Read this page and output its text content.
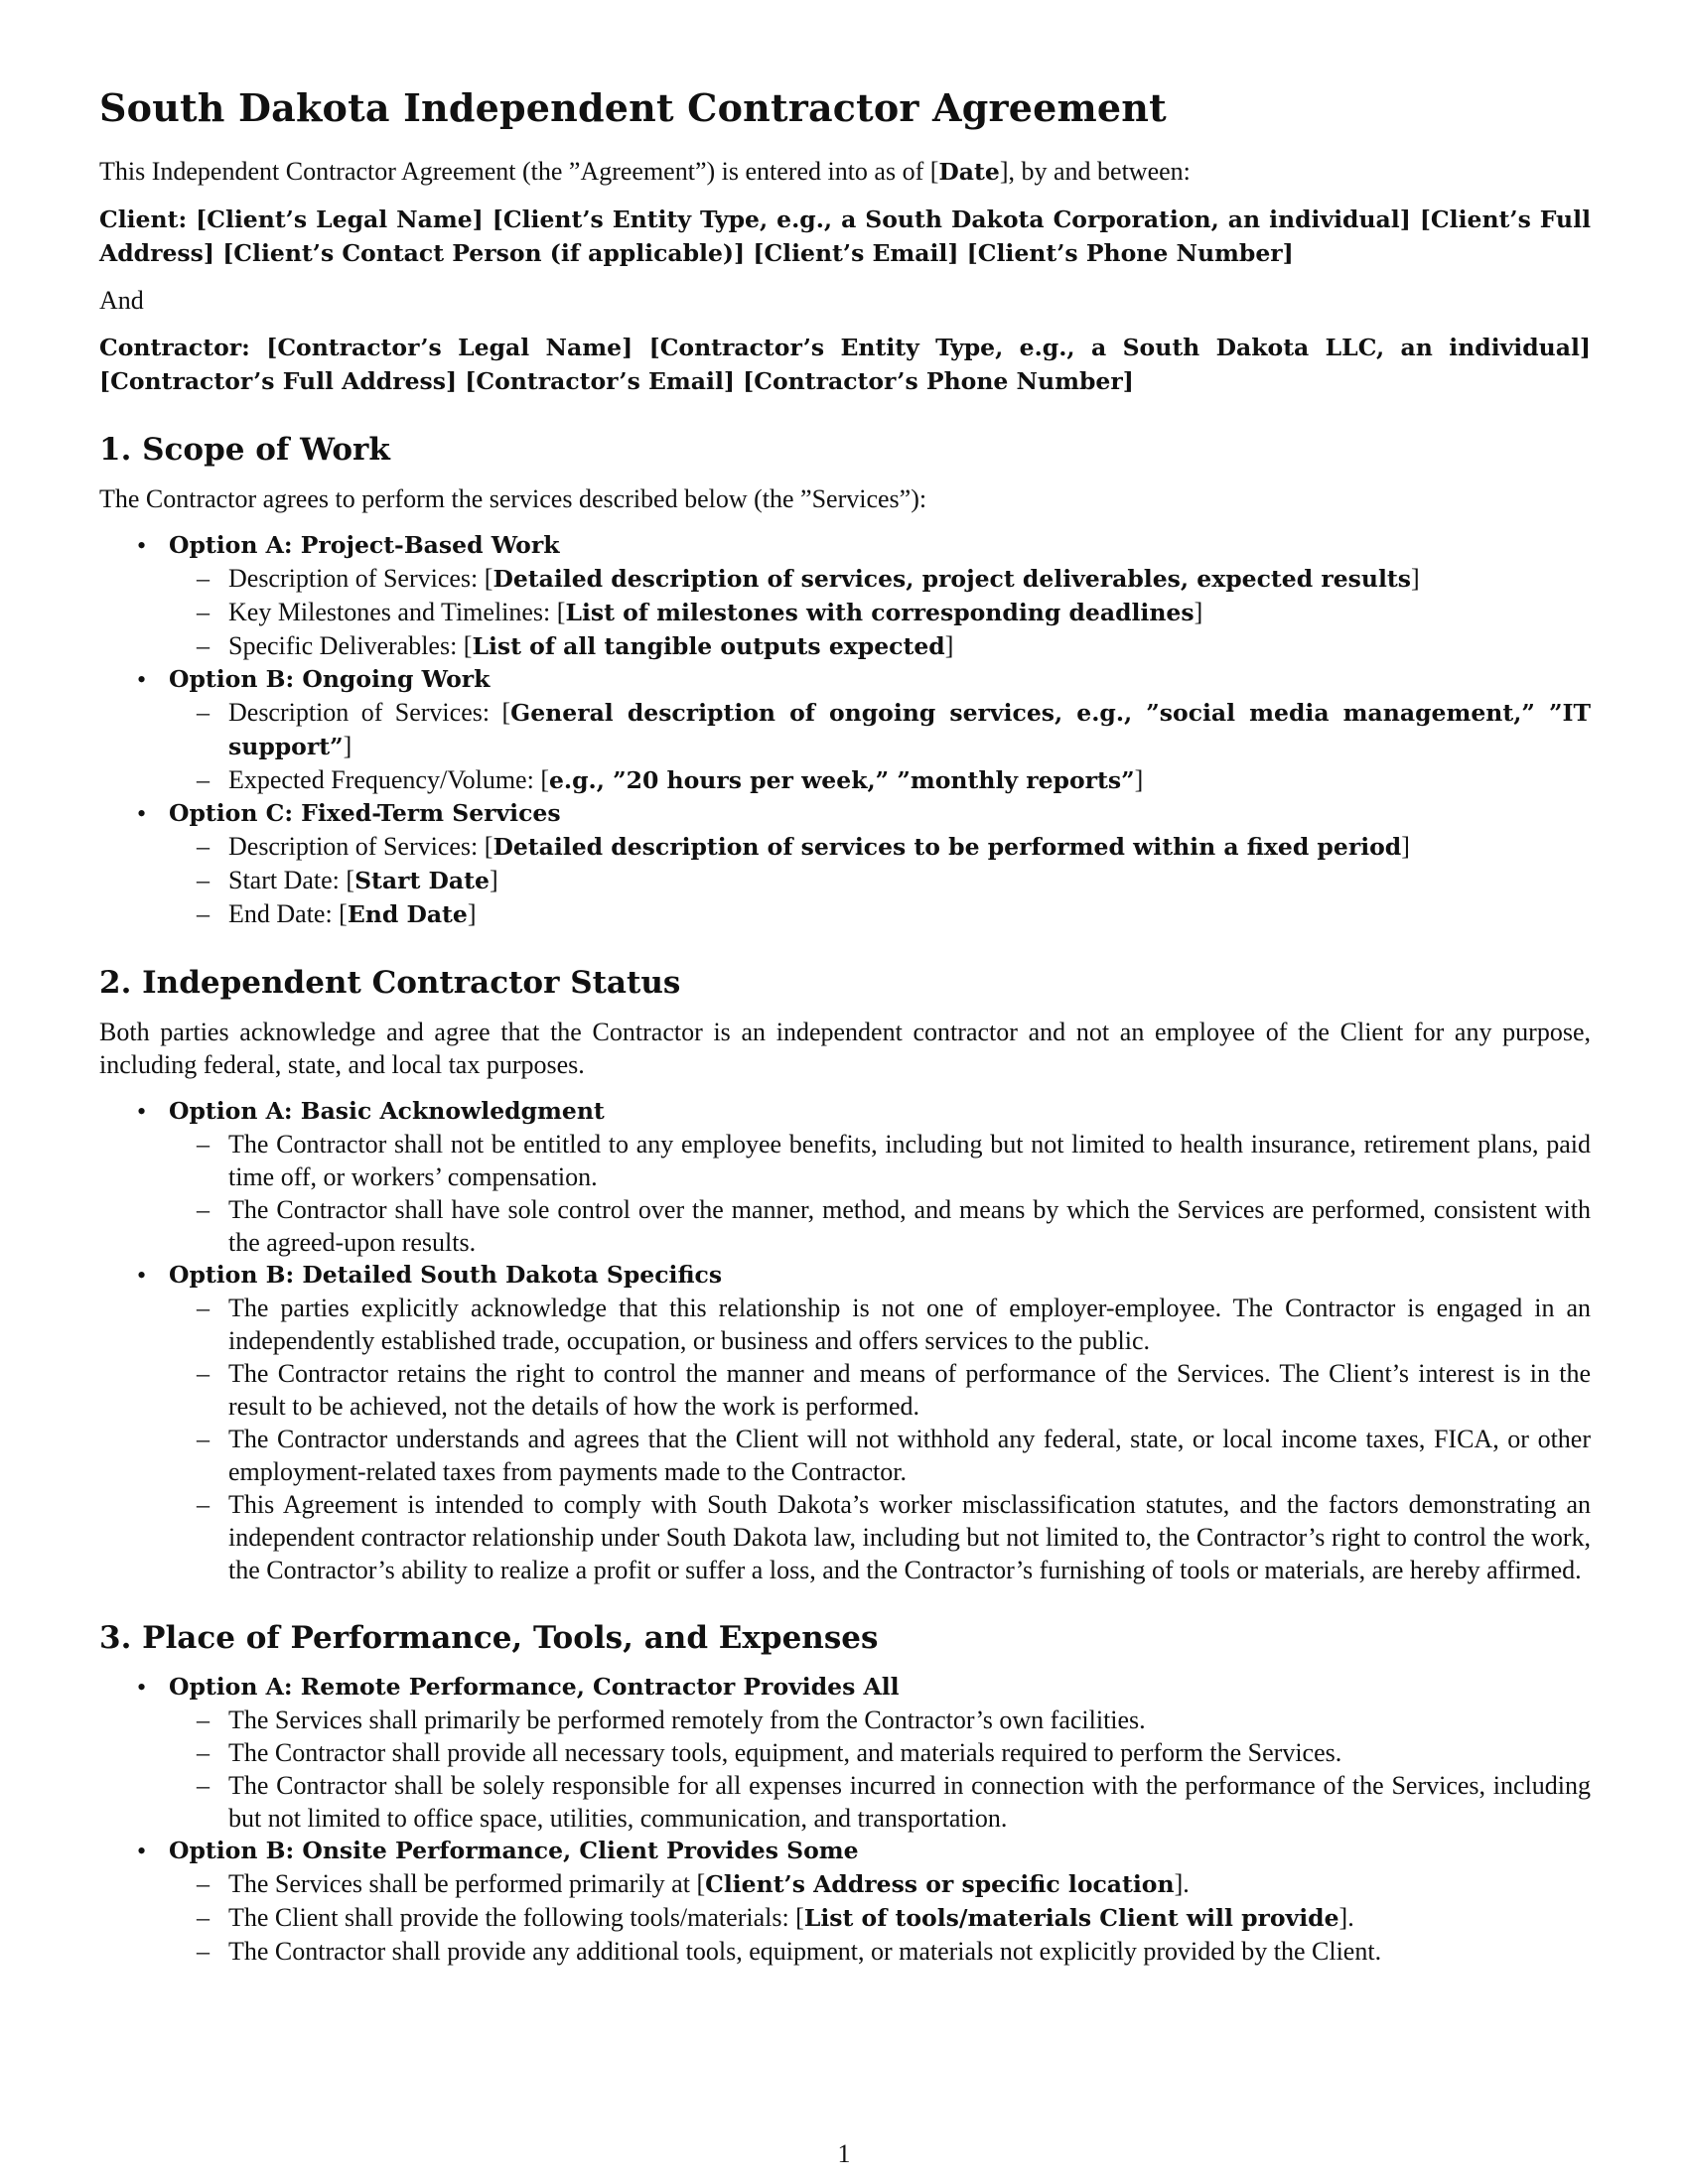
South Dakota Independent Contractor Agreement

This Independent Contractor Agreement (the ”Agreement”) is entered into as of [Date], by and between:

Client: [Client’s Legal Name] [Client’s Entity Type, e.g., a South Dakota Corporation, an individual] [Client’s Full Address] [Client’s Contact Person (if applicable)] [Client’s Email] [Client’s Phone Number]

And

Contractor: [Contractor’s Legal Name] [Contractor’s Entity Type, e.g., a South Dakota LLC, an individual] [Contractor’s Full Address] [Contractor’s Email] [Contractor’s Phone Number]

1. Scope of Work

The Contractor agrees to perform the services described below (the ”Services”):

• Option A: Project-Based Work
– Description of Services: [Detailed description of services, project deliverables, expected results]
– Key Milestones and Timelines: [List of milestones with corresponding deadlines]
– Specific Deliverables: [List of all tangible outputs expected]
• Option B: Ongoing Work
– Description of Services: [General description of ongoing services, e.g., ”social media management,” ”IT support”]
– Expected Frequency/Volume: [e.g., ”20 hours per week,” ”monthly reports”]
• Option C: Fixed-Term Services
– Description of Services: [Detailed description of services to be performed within a fixed period]
– Start Date: [Start Date]
– End Date: [End Date]
2. Independent Contractor Status

Both parties acknowledge and agree that the Contractor is an independent contractor and not an employee of the Client for any purpose, including federal, state, and local tax purposes.

• Option A: Basic Acknowledgment
– The Contractor shall not be entitled to any employee benefits, including but not limited to health insurance, retirement plans, paid time off, or workers’ compensation.
– The Contractor shall have sole control over the manner, method, and means by which the Services are performed, consistent with the agreed-upon results.
• Option B: Detailed South Dakota Specifics
– The parties explicitly acknowledge that this relationship is not one of employer-employee. The Contractor is engaged in an independently established trade, occupation, or business and offers services to the public.
– The Contractor retains the right to control the manner and means of performance of the Services. The Client’s interest is in the result to be achieved, not the details of how the work is performed.
– The Contractor understands and agrees that the Client will not withhold any federal, state, or local income taxes, FICA, or other employment-related taxes from payments made to the Contractor.
– This Agreement is intended to comply with South Dakota’s worker misclassification statutes, and the factors demonstrating an independent contractor relationship under South Dakota law, including but not limited to, the Contractor’s right to control the work, the Contractor’s ability to realize a profit or suffer a loss, and the Contractor’s furnishing of tools or materials, are hereby affirmed.
3. Place of Performance, Tools, and Expenses
• Option A: Remote Performance, Contractor Provides All
– The Services shall primarily be performed remotely from the Contractor’s own facilities.
– The Contractor shall provide all necessary tools, equipment, and materials required to perform the Services.
– The Contractor shall be solely responsible for all expenses incurred in connection with the performance of the Services, including but not limited to office space, utilities, communication, and transportation.
• Option B: Onsite Performance, Client Provides Some
– The Services shall be performed primarily at [Client’s Address or specific location].
– The Client shall provide the following tools/materials: [List of tools/materials Client will provide].
– The Contractor shall provide any additional tools, equipment, or materials not explicitly provided by the Client.
1
